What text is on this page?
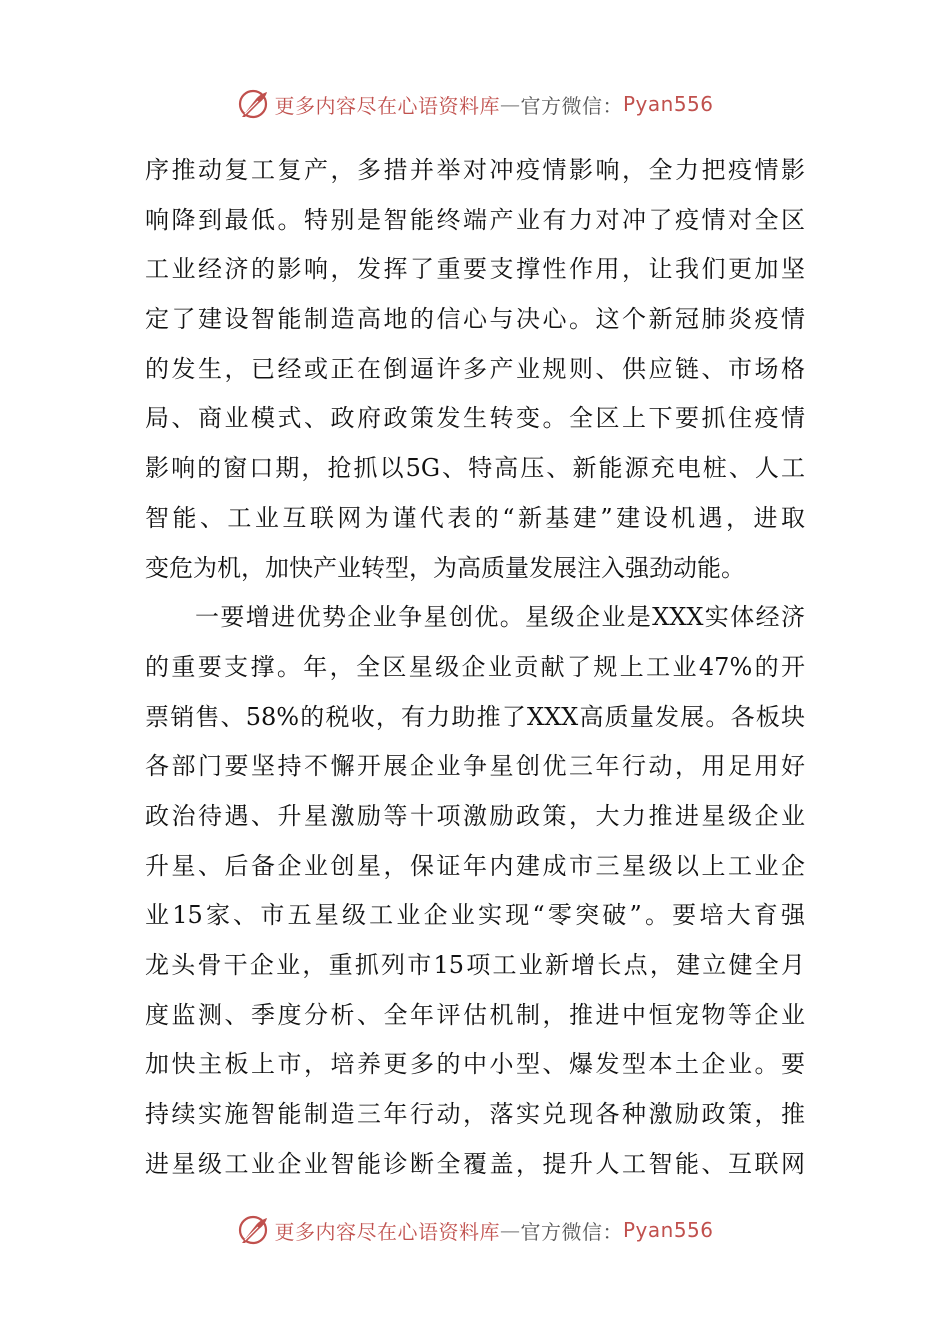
更多内容尽在心语资料库 — 官方微信： Pyan556
序推动复工复产，多措并举对冲疫情影响，全力把疫情影
响降到最低。特别是智能终端产业有力对冲了疫情对全区
工业经济的影响，发挥了重要支撑性作用，让我们更加坚
定了建设智能制造高地的信心与决心。这个新冠肺炎疫情
的发生，已经或正在倒逼许多产业规则、供应链、市场格
局、商业模式、政府政策发生转变。全区上下要抓住疫情
影响的窗口期，抢抓以5G、特高压、新能源充电桩、人工
智能、工业互联网为谨代表的“新基建”建设机遇，进取
变危为机，加快产业转型，为高质量发展注入强劲动能。
一要增进优势企业争星创优。星级企业是XXX实体经济
的重要支撑。年，全区星级企业贡献了规上工业47%的开
票销售、58%的税收，有力助推了XXX高质量发展。各板块
各部门要坚持不懈开展企业争星创优三年行动，用足用好
政治待遇、升星激励等十项激励政策，大力推进星级企业
升星、后备企业创星，保证年内建成市三星级以上工业企
业15家、市五星级工业企业实现“零突破”。要培大育强
龙头骨干企业，重抓列市15项工业新增长点，建立健全月
度监测、季度分析、全年评估机制，推进中恒宠物等企业
加快主板上市，培养更多的中小型、爆发型本土企业。要
持续实施智能制造三年行动，落实兑现各种激励政策，推
进星级工业企业智能诊断全覆盖，提升人工智能、互联网
更多内容尽在心语资料库 — 官方微信： Pyan556
